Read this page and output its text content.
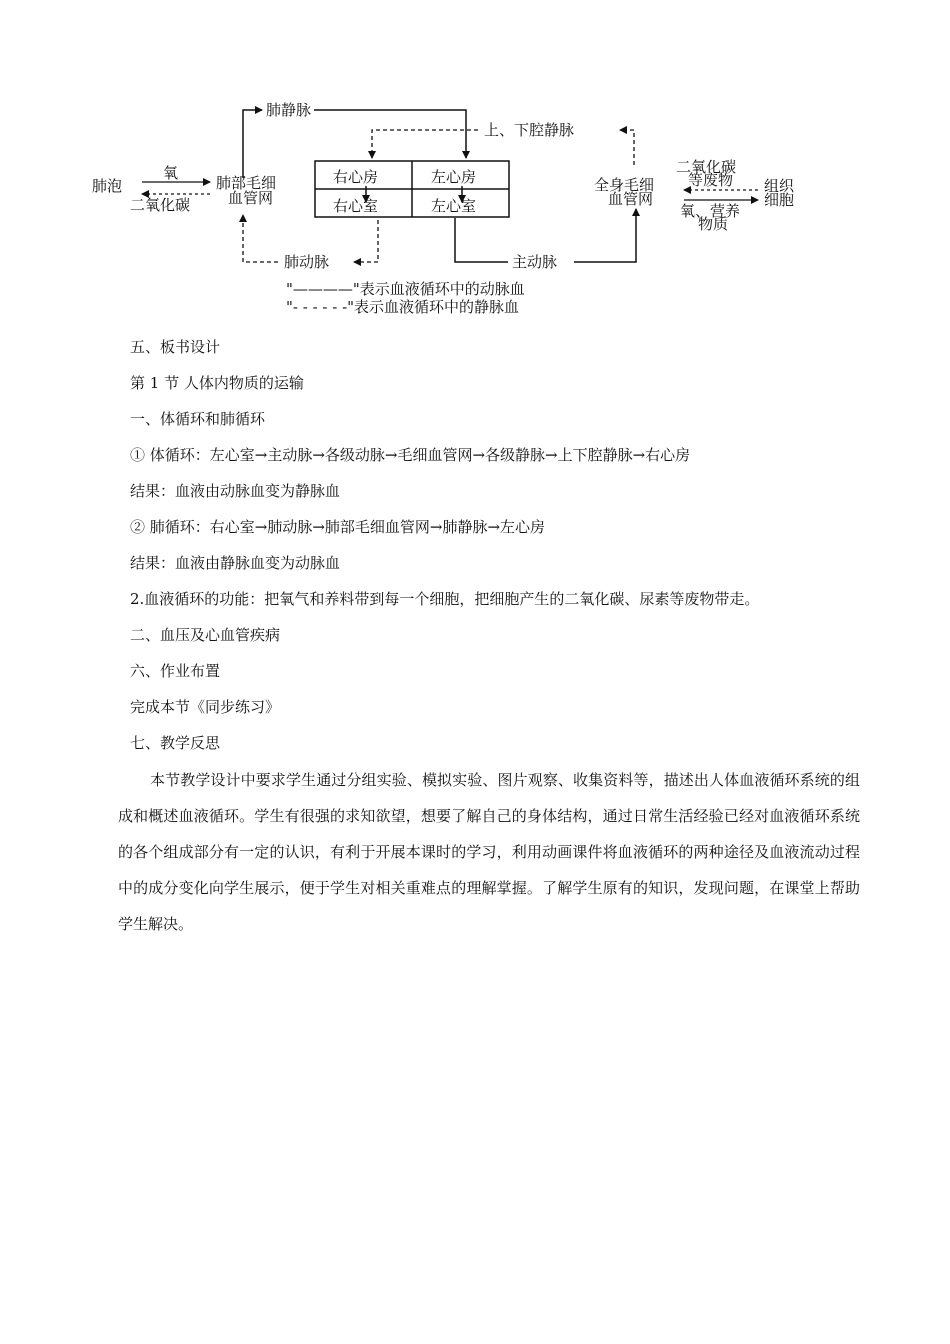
右心房	左心房
右心室	左心室
肺静脉
上、下腔静脉
肺泡
氧
二氧化碳
肺部毛细
血管网
肺动脉	主动脉
全身毛细
血管网
二氧化碳
等废物
氧、营养
物质
组织
细胞
"————"表示血液循环中的动脉血
"- - - - - -"表示血液循环中的静脉血
五、板书设计
第 1 节 人体内物质的运输
一、体循环和肺循环
① 体循环：左心室→主动脉→各级动脉→毛细血管网→各级静脉→上下腔静脉→右心房
结果：血液由动脉血变为静脉血
② 肺循环：右心室→肺动脉→肺部毛细血管网→肺静脉→左心房
结果：血液由静脉血变为动脉血
2.血液循环的功能：把氧气和养料带到每一个细胞，把细胞产生的二氧化碳、尿素等废物带走。
二、血压及心血管疾病
六、作业布置
完成本节《同步练习》
七、教学反思
本节教学设计中要求学生通过分组实验、模拟实验、图片观察、收集资料等，描述出人体血液循环系统的组成和概述血液循环。学生有很强的求知欲望，想要了解自己的身体结构，通过日常生活经验已经对血液循环系统的各个组成部分有一定的认识，有利于开展本课时的学习，利用动画课件将血液循环的两种途径及血液流动过程中的成分变化向学生展示，便于学生对相关重难点的理解掌握。了解学生原有的知识，发现问题，在课堂上帮助学生解决。
